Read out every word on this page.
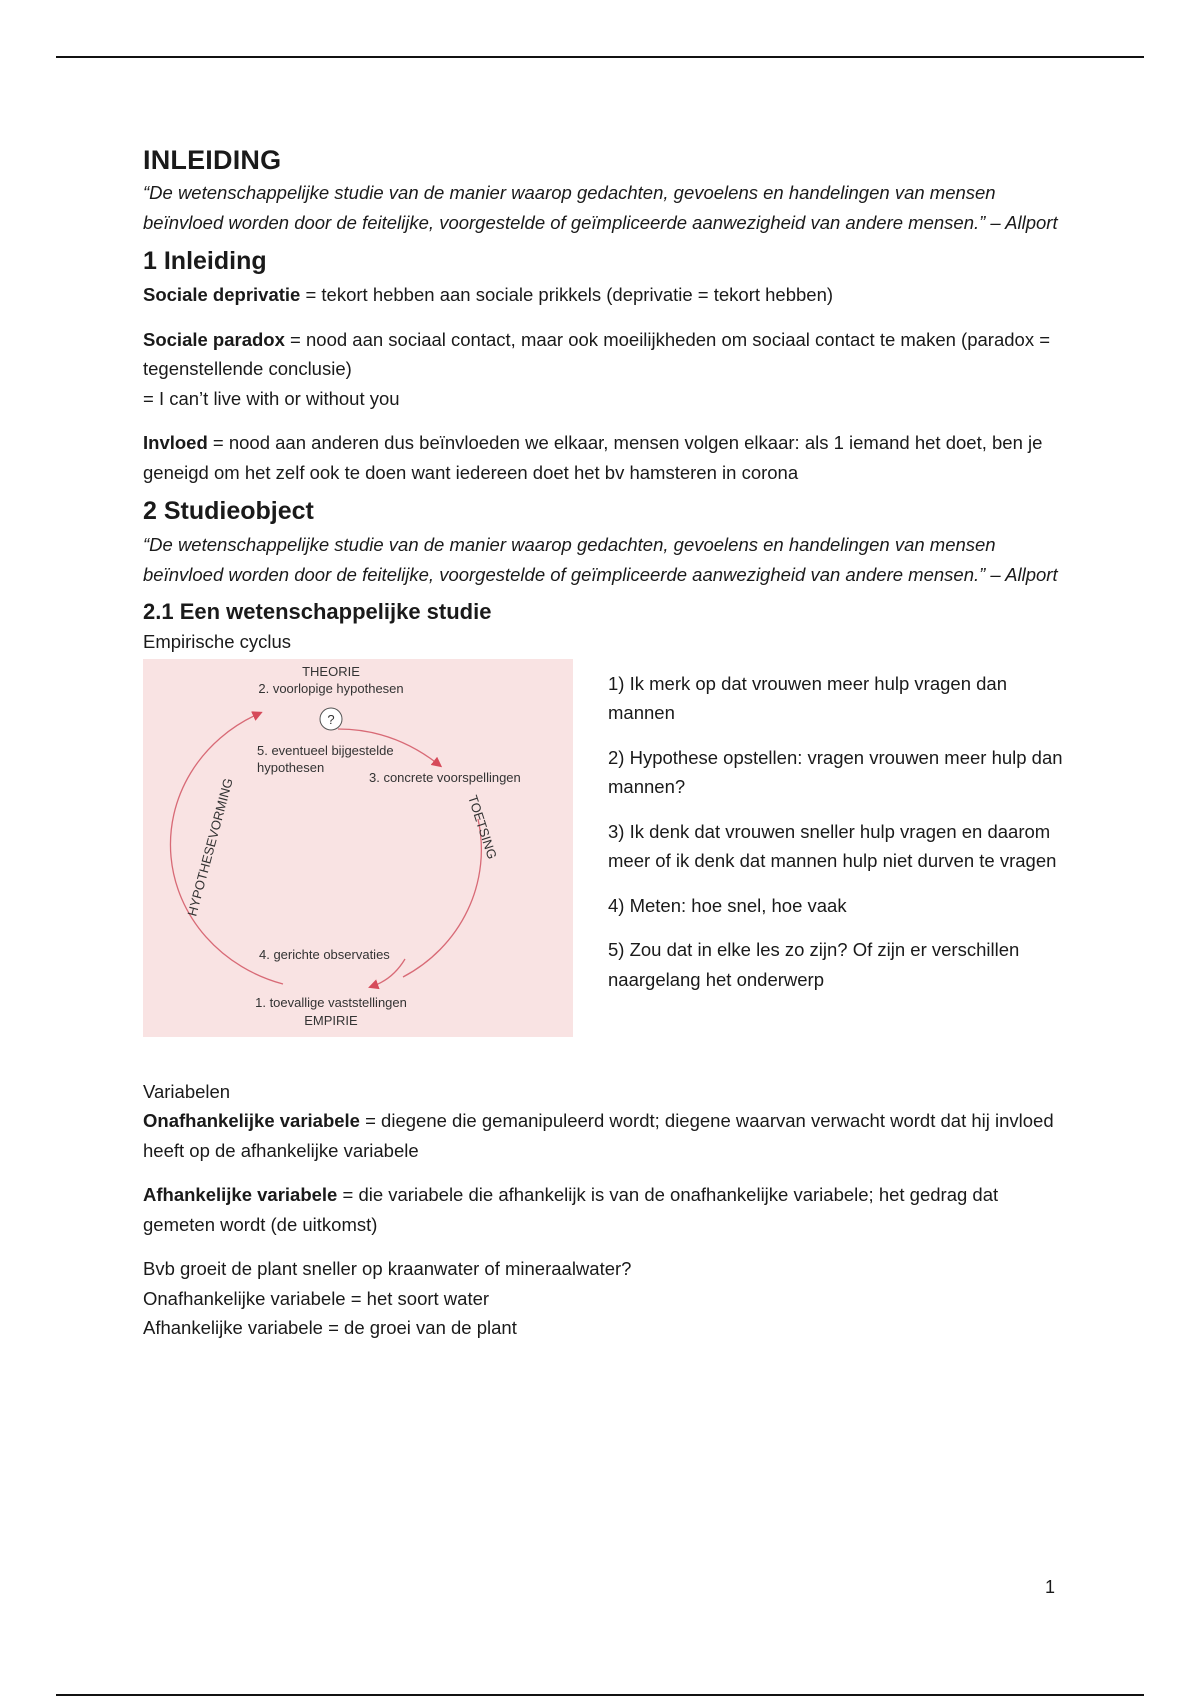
INLEIDING

“De wetenschappelijke studie van de manier waarop gedachten, gevoelens en handelingen van mensen beïnvloed worden door de feitelijke, voorgestelde of geïmpliceerde aanwezigheid van andere mensen.” – Allport

1 Inleiding

Sociale deprivatie = tekort hebben aan sociale prikkels (deprivatie = tekort hebben)

Sociale paradox = nood aan sociaal contact, maar ook moeilijkheden om sociaal contact te maken (paradox = tegenstellende conclusie)

= I can’t live with or without you

Invloed = nood aan anderen dus beïnvloeden we elkaar, mensen volgen elkaar: als 1 iemand het doet, ben je geneigd om het zelf ook te doen want iedereen doet het bv hamsteren in corona

2 Studieobject

“De wetenschappelijke studie van de manier waarop gedachten, gevoelens en handelingen van mensen beïnvloed worden door de feitelijke, voorgestelde of geïmpliceerde aanwezigheid van andere mensen.” – Allport

2.1 Een wetenschappelijke studie

Empirische cyclus

THEORIE
2. voorlopige hypothesen
?
5. eventueel bijgestelde
hypothesen
3. concrete voorspellingen
HYPOTHESEVORMING	TOETSING
4. gerichte observaties
1. toevallige vaststellingen
EMPIRIE

1) Ik merk op dat vrouwen meer hulp vragen dan mannen

2) Hypothese opstellen: vragen vrouwen meer hulp dan mannen?

3) Ik denk dat vrouwen sneller hulp vragen en daarom meer of ik denk dat mannen hulp niet durven te vragen

4) Meten: hoe snel, hoe vaak

5) Zou dat in elke les zo zijn? Of zijn er verschillen naargelang het onderwerp

Variabelen

Onafhankelijke variabele = diegene die gemanipuleerd wordt; diegene waarvan verwacht wordt dat hij invloed heeft op de afhankelijke variabele

Afhankelijke variabele = die variabele die afhankelijk is van de onafhankelijke variabele; het gedrag dat gemeten wordt (de uitkomst)

Bvb groeit de plant sneller op kraanwater of mineraalwater?

Onafhankelijke variabele = het soort water

Afhankelijke variabele = de groei van de plant

1
